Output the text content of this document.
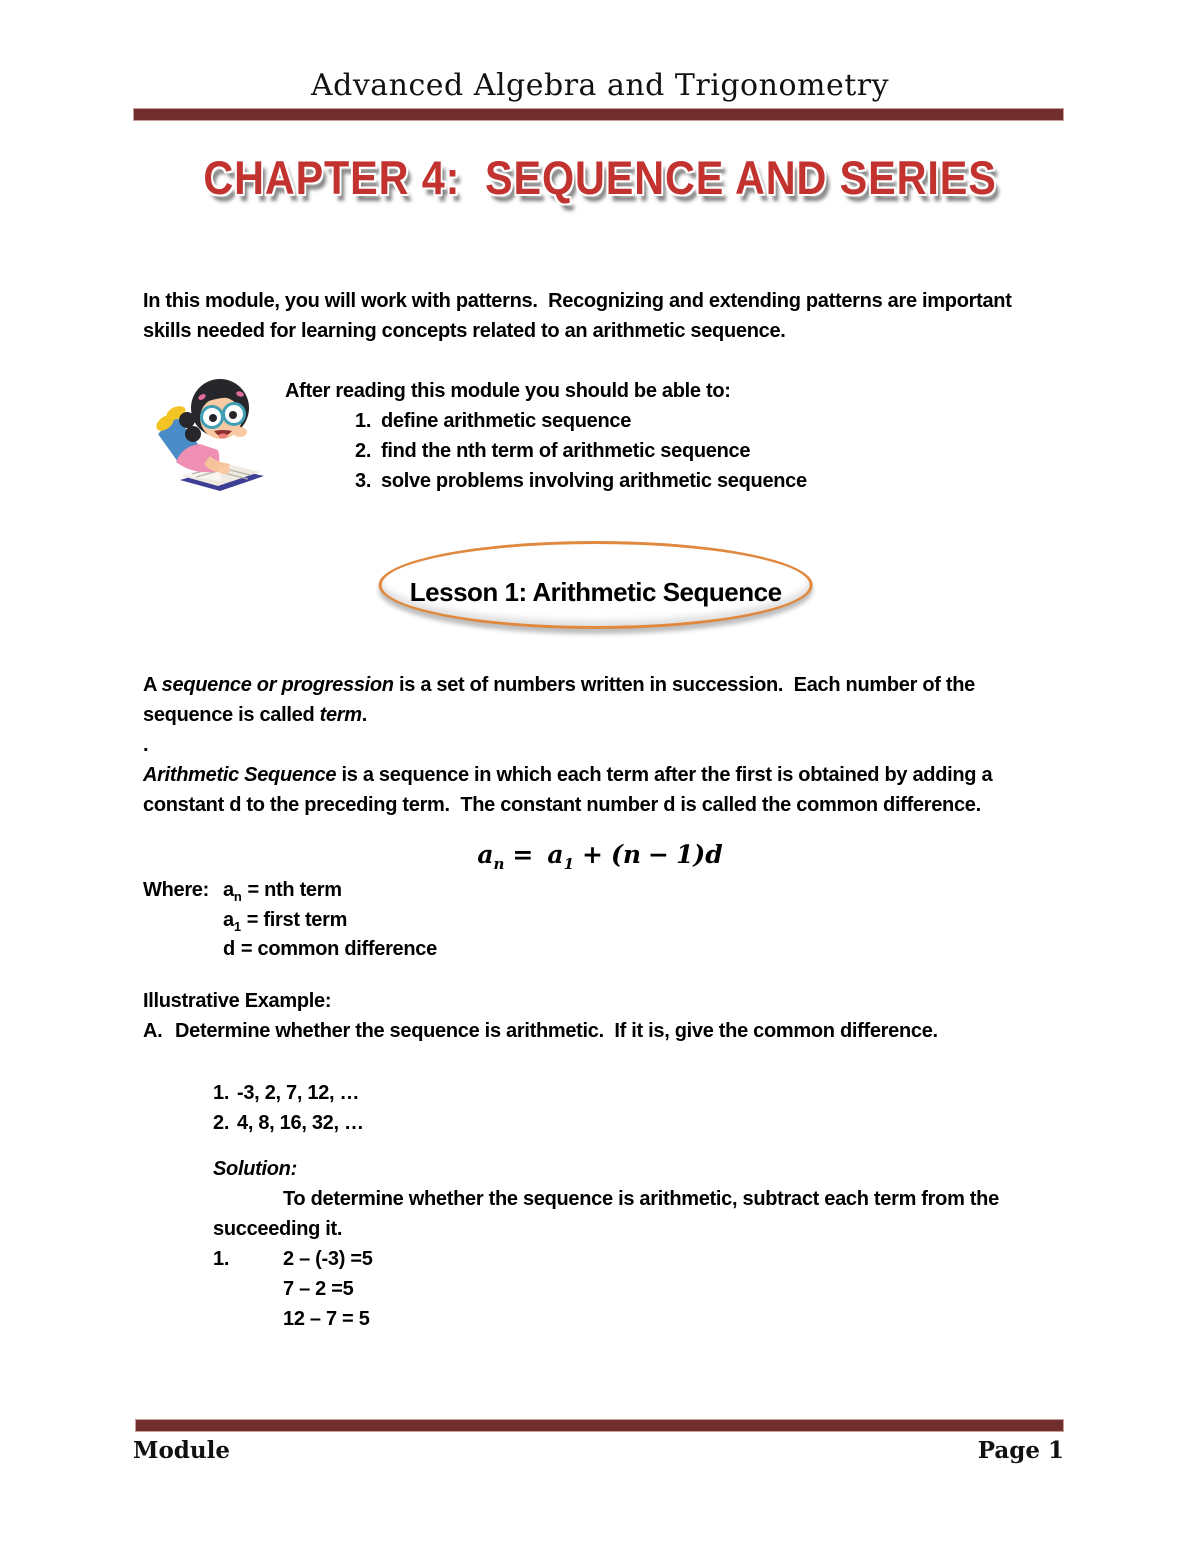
Advanced Algebra and Trigonometry
CHAPTER 4:  SEQUENCE AND SERIES
In this module, you will work with patterns.  Recognizing and extending patterns are important
skills needed for learning concepts related to an arithmetic sequence.
After reading this module you should be able to:
1. define arithmetic sequence
2. find the nth term of arithmetic sequence
3. solve problems involving arithmetic sequence
Lesson 1: Arithmetic Sequence
A sequence or progression is a set of numbers written in succession.  Each number of the
sequence is called term.
.
Arithmetic Sequence is a sequence in which each term after the first is obtained by adding a
constant d to the preceding term.  The constant number d is called the common difference.
$a_n = a_1 + (n - 1)d$
Where: $a_n$ = nth term
$a_1$ = first term
d = common difference
Illustrative Example:
A. Determine whether the sequence is arithmetic.  If it is, give the common difference.
1. -3, 2, 7, 12, …
2. 4, 8, 16, 32, …
Solution:
To determine whether the sequence is arithmetic, subtract each term from the
succeeding it.
1.	2 – (-3) =5
7 – 2 =5
12 – 7 = 5
Module	Page 1
